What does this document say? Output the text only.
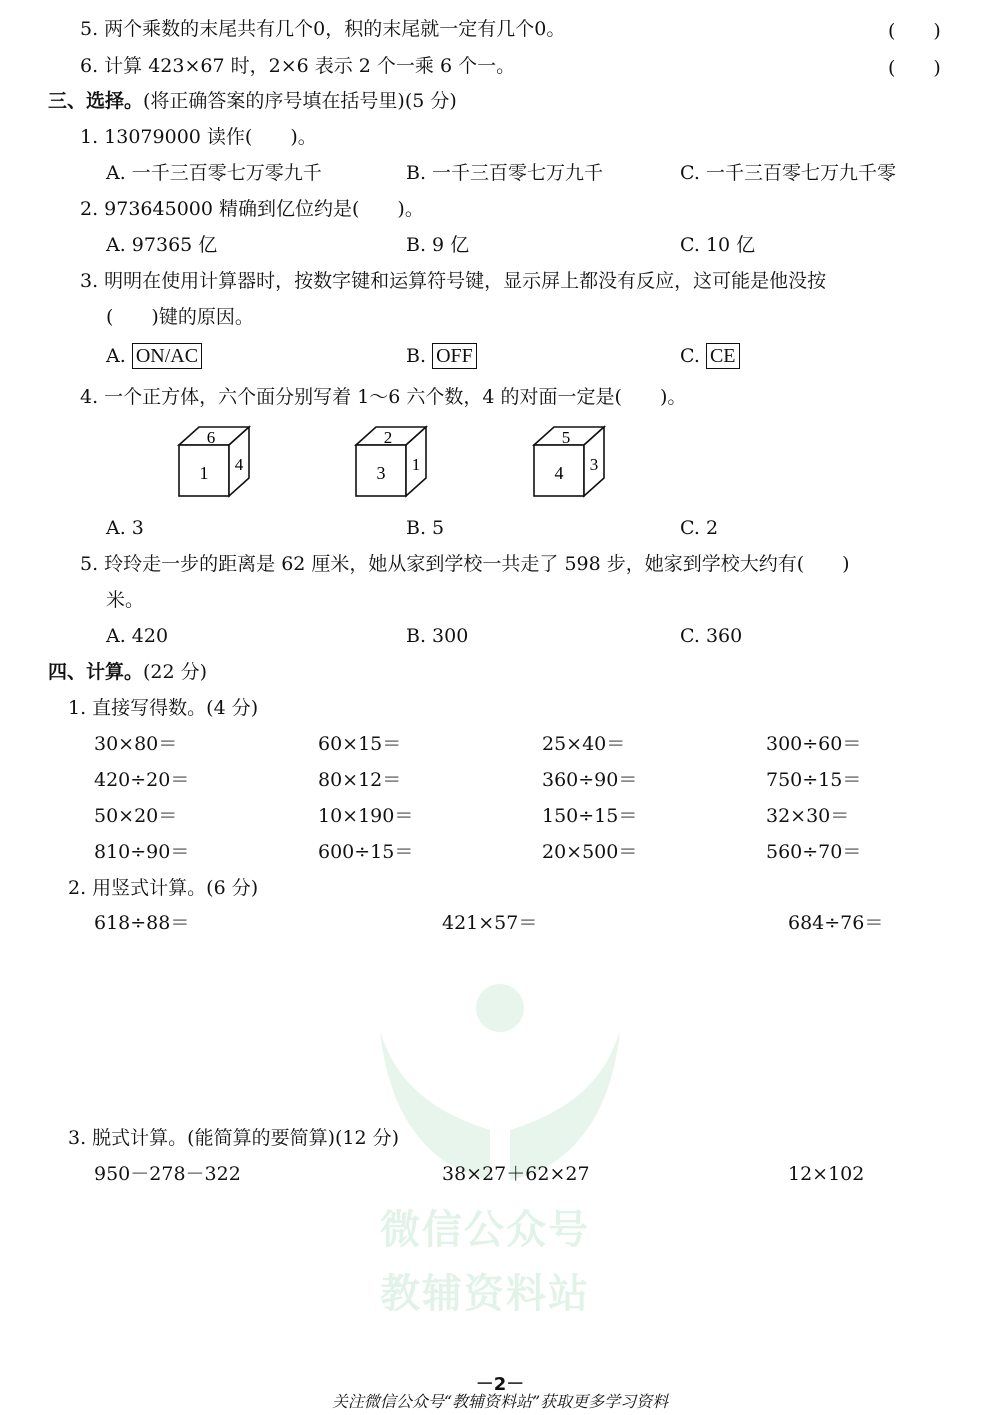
5. 两个乘数的末尾共有几个0，积的末尾就一定有几个0。	(　　)
6. 计算 423×67 时，2×6 表示 2 个一乘 6 个一。	(　　)
三、选择。(将正确答案的序号填在括号里)(5 分)
1. 13079000 读作(　　)。
A. 一千三百零七万零九千	B. 一千三百零七万九千	C. 一千三百零七万九千零
2. 973645000 精确到亿位约是(　　)。
A. 97365 亿	B. 9 亿	C. 10 亿
3. 明明在使用计算器时，按数字键和运算符号键，显示屏上都没有反应，这可能是他没按
(　　)键的原因。
A. ON/AC	B. OFF	C. CE
4. 一个正方体，六个面分别写着 1～6 六个数，4 的对面一定是(　　)。
6
1 4
2
3 1
5
4 3
A. 3	B. 5	C. 2
5. 玲玲走一步的距离是 62 厘米，她从家到学校一共走了 598 步，她家到学校大约有(　　)
米。
A. 420	B. 300	C. 360
四、计算。(22 分)
1. 直接写得数。(4 分)
30×80＝	60×15＝	25×40＝	300÷60＝
420÷20＝	80×12＝	360÷90＝	750÷15＝
50×20＝	10×190＝	150÷15＝	32×30＝
810÷90＝	600÷15＝	20×500＝	560÷70＝
2. 用竖式计算。(6 分)
618÷88＝	421×57＝	684÷76＝
微信公众号
教辅资料站
3. 脱式计算。(能简算的要简算)(12 分)
950－278－322	38×27＋62×27	12×102
－2－
关注微信公众号“教辅资料站”获取更多学习资料
